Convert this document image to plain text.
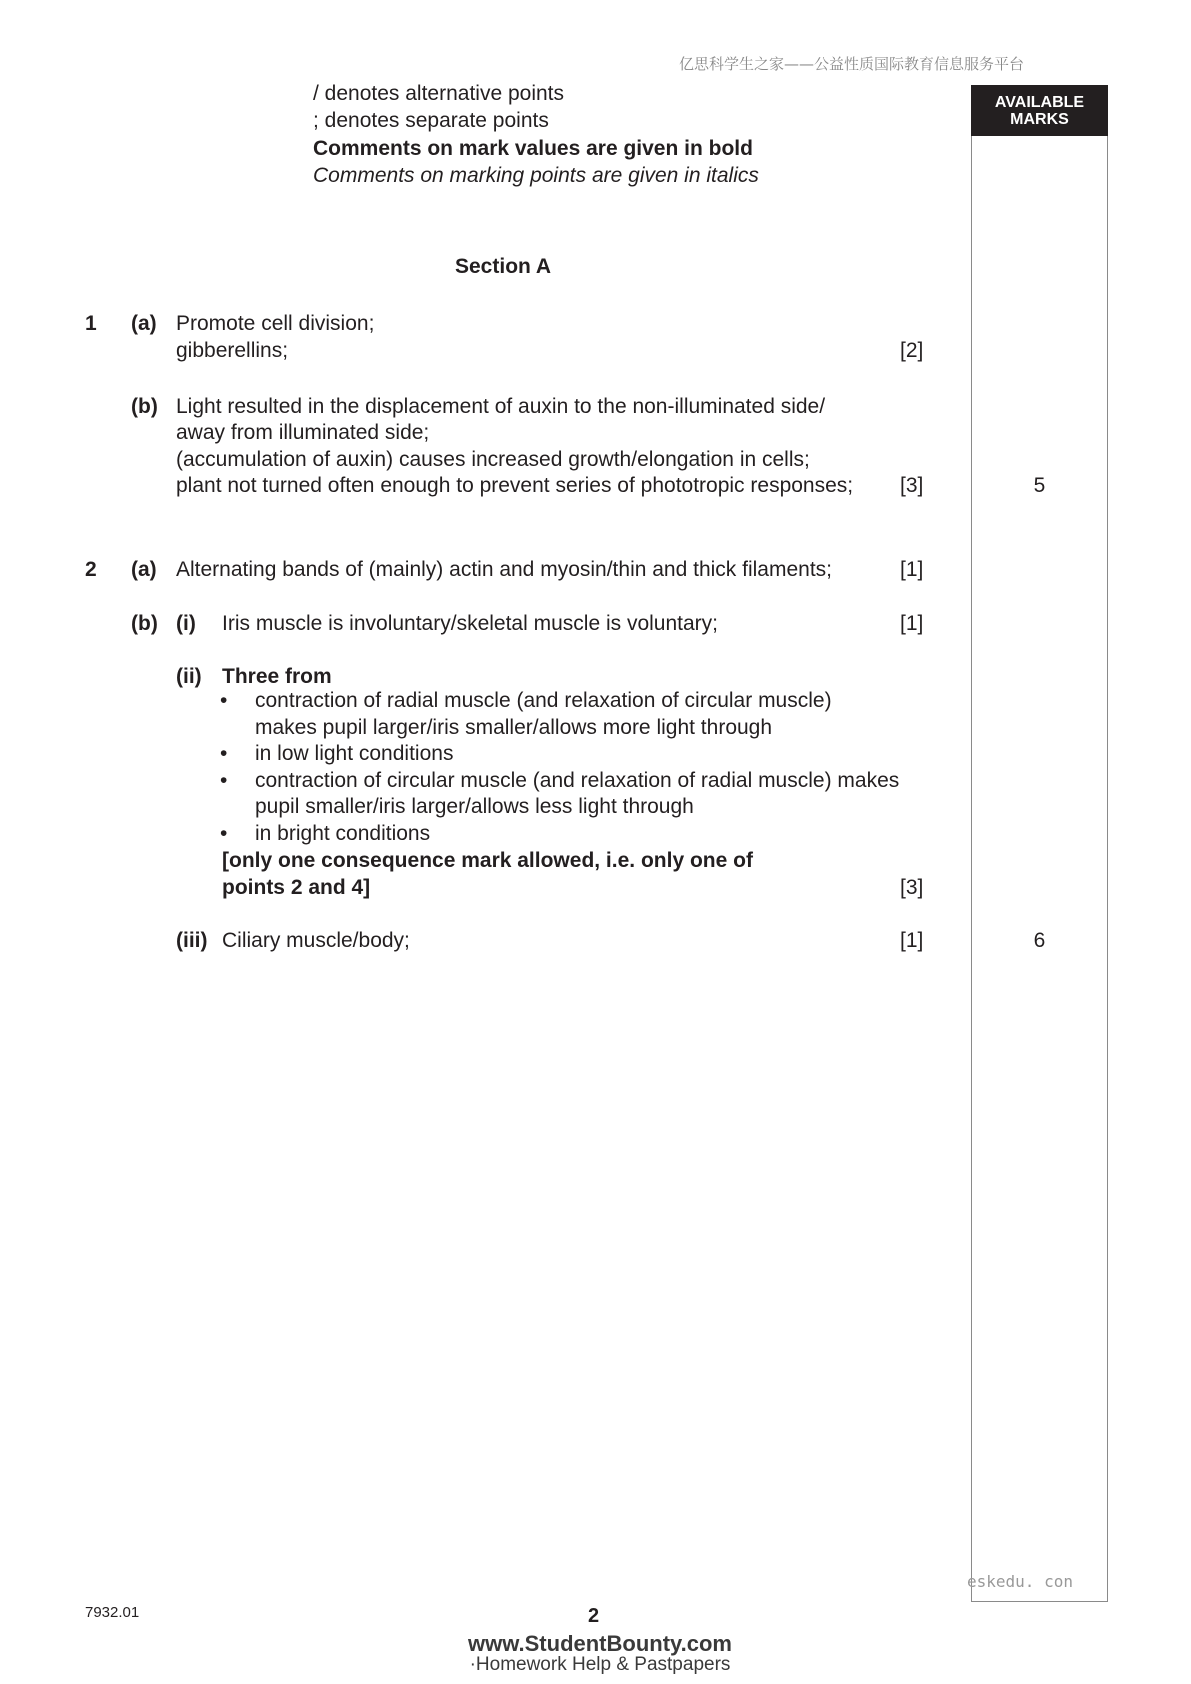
亿思科学生之家——公益性质国际教育信息服务平台
/ denotes alternative points
; denotes separate points
Comments on mark values are given in bold
Comments on marking points are given in italics
AVAILABLE MARKS
Section A
1 (a) Promote cell division;
gibberellins;	[2]
(b) Light resulted in the displacement of auxin to the non-illuminated side/
away from illuminated side;
(accumulation of auxin) causes increased growth/elongation in cells;
plant not turned often enough to prevent series of phototropic responses; [3]	5
2 (a) Alternating bands of (mainly) actin and myosin/thin and thick filaments;	[1]
(b) (i) Iris muscle is involuntary/skeletal muscle is voluntary;	[1]
(ii) Three from
• contraction of radial muscle (and relaxation of circular muscle)
makes pupil larger/iris smaller/allows more light through
• in low light conditions
• contraction of circular muscle (and relaxation of radial muscle) makes
pupil smaller/iris larger/allows less light through
• in bright conditions
[only one consequence mark allowed, i.e. only one of
points 2 and 4]	[3]
(iii) Ciliary muscle/body;	[1]	6
eskedu. con
7932.01	2
www.StudentBounty.com
·Homework Help & Pastpapers
